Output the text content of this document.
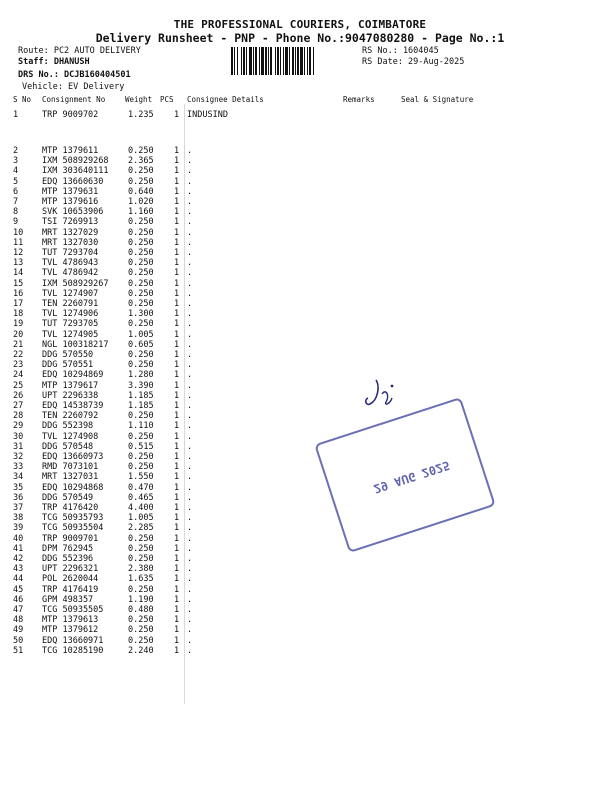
THE PROFESSIONAL COURIERS, COIMBATORE
Delivery Runsheet - PNP - Phone No.:9047080280 - Page No.:1
Route: PC2 AUTO DELIVERY
Staff: DHANUSH
DRS No.: DCJB160404501
Vehicle: EV Delivery
RS No.: 1604045
RS Date: 29-Aug-2025
S No Consignment No	Weight PCS Consignee Details	Remarks	Seal & Signature
1	TRP 9009702	1.235 1 INDUSIND
2	MTP 1379611	0.250 1 .
3	IXM 508929268 2.365 1 .
4	IXM 303640111 0.250 1 .
5	EDQ 13660630	0.250 1 .
6	MTP 1379631	0.640 1 .
7	MTP 1379616	1.020 1 .
8	SVK 10653906	1.160 1 .
9	TSI 7269913	0.250 1 .
10 MRT 1327029	0.250 1 .
11 MRT 1327030	0.250 1 .
12 TUT 7293704	0.250 1 .
13 TVL 4786943	0.250 1 .
14 TVL 4786942	0.250 1 .
15 IXM 508929267 0.250 1 .
16 TVL 1274907	0.250 1 .
17 TEN 2260791	0.250 1 .
18 TVL 1274906	1.300 1 .
19 TUT 7293705	0.250 1 .
20 TVL 1274905	1.005 1 .
21 NGL 100318217 0.605 1 .
22 DDG 570550	0.250 1 .
23 DDG 570551	0.250 1 .
24 EDQ 10294869	1.280 1 .
25 MTP 1379617	3.390 1 .
26 UPT 2296338	1.185 1 .
27 EDQ 14538739	1.185 1 .
28 TEN 2260792	0.250 1 .
29 DDG 552398	1.110 1 .
30 TVL 1274908	0.250 1 .
31 DDG 570548	0.515 1 .
32 EDQ 13660973	0.250 1 .
33 RMD 7073101	0.250 1 .
34 MRT 1327031	1.550 1 .
35 EDQ 10294868	0.470 1 .
36 DDG 570549	0.465 1 .
37 TRP 4176420	4.400 1 .
38 TCG 50935793	1.005 1 .
39 TCG 50935504	2.285 1 .
40 TRP 9009701	0.250 1 .
41 DPM 762945	0.250 1 .
42 DDG 552396	0.250 1 .
43 UPT 2296321	2.380 1 .
44 POL 2620044	1.635 1 .
45 TRP 4176419	0.250 1 .
46 GPM 498357	1.190 1 .
47 TCG 50935505	0.480 1 .
48 MTP 1379613	0.250 1 .
49 MTP 1379612	0.250 1 .
50 EDQ 13660971	0.250 1 .
51 TCG 10285190	2.240 1 .
29 AUG 2025
